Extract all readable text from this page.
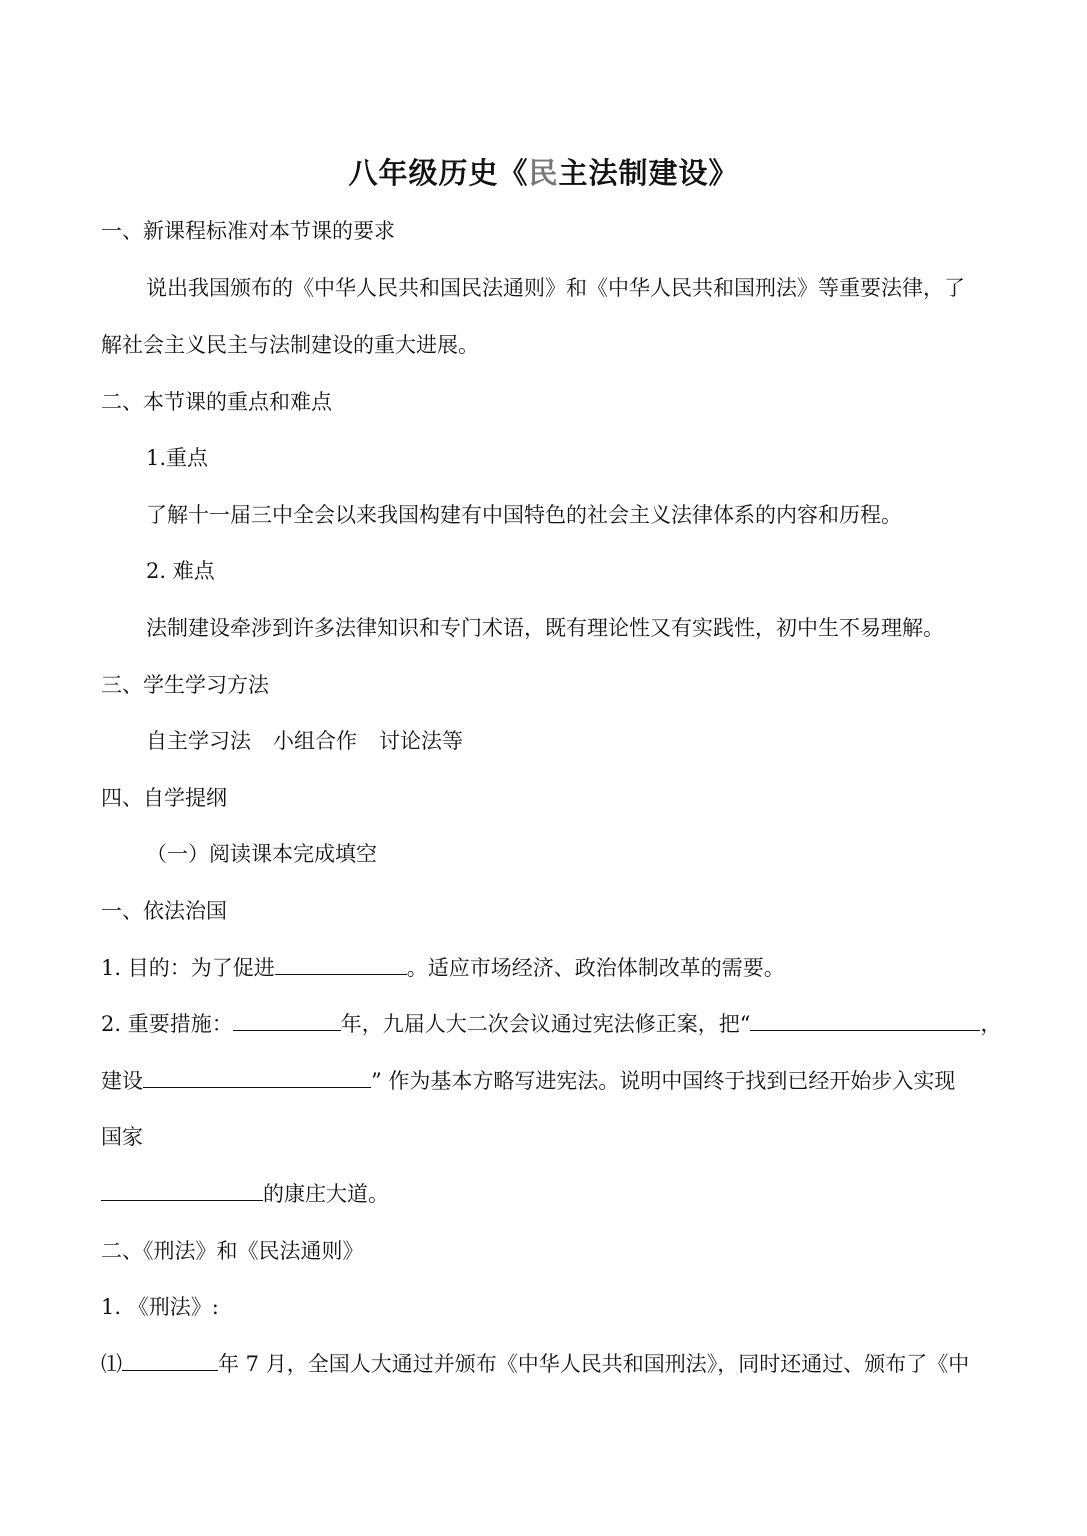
八年级历史《民主法制建设》
一、新课程标准对本节课的要求
说出我国颁布的《中华人民共和国民法通则》和《中华人民共和国刑法》等重要法律，了
解社会主义民主与法制建设的重大进展。
二、本节课的重点和难点
1.重点
了解十一届三中全会以来我国构建有中国特色的社会主义法律体系的内容和历程。
2. 难点
法制建设牵涉到许多法律知识和专门术语，既有理论性又有实践性，初中生不易理解。
三、学生学习方法
自主学习法 小组合作 讨论法等
四、自学提纲
（一）阅读课本完成填空
一、依法治国
1. 目的：为了促进	。适应市场经济、政治体制改革的需要。
2. 重要措施：	年，九届人大二次会议通过宪法修正案，把“	，
建设	” 作为基本方略写进宪法。说明中国终于找到已经开始步入实现
国家
的康庄大道。
二、《刑法》和《民法通则》
1. 《刑法》:
⑴	年 7 月，全国人大通过并颁布《中华人民共和国刑法》，同时还通过、颁布了《中
